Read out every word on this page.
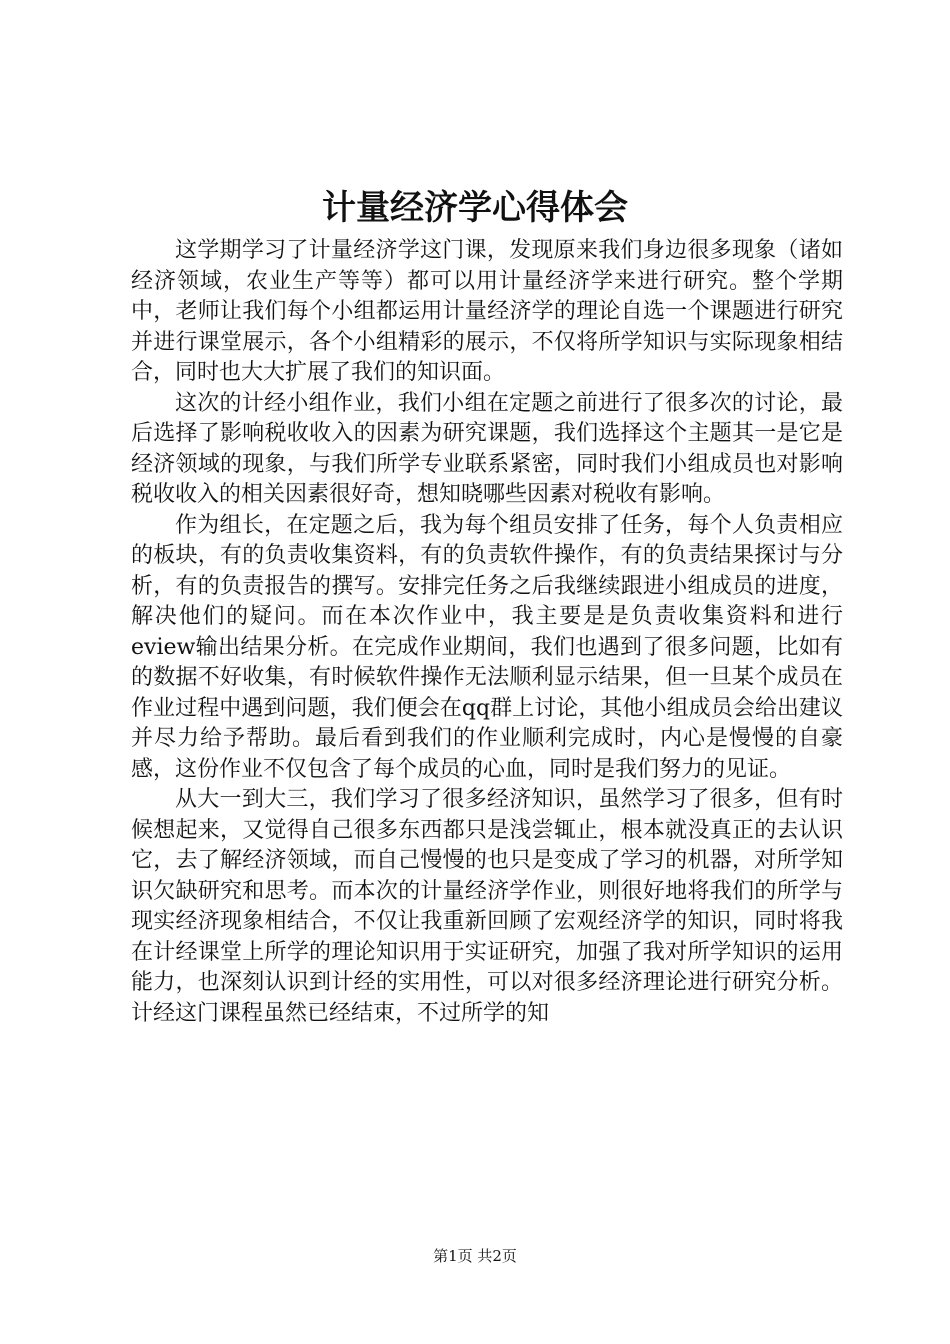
计量经济学心得体会

这学期学习了计量经济学这门课，发现原来我们身边很多现象（诸如经济领域，农业生产等等）都可以用计量经济学来进行研究。整个学期中，老师让我们每个小组都运用计量经济学的理论自选一个课题进行研究并进行课堂展示，各个小组精彩的展示，不仅将所学知识与实际现象相结合，同时也大大扩展了我们的知识面。

这次的计经小组作业，我们小组在定题之前进行了很多次的讨论，最后选择了影响税收收入的因素为研究课题，我们选择这个主题其一是它是经济领域的现象，与我们所学专业联系紧密，同时我们小组成员也对影响税收收入的相关因素很好奇，想知晓哪些因素对税收有影响。

作为组长，在定题之后，我为每个组员安排了任务，每个人负责相应的板块，有的负责收集资料，有的负责软件操作，有的负责结果探讨与分析，有的负责报告的撰写。安排完任务之后我继续跟进小组成员的进度，解决他们的疑问。而在本次作业中，我主要是是负责收集资料和进行eview输出结果分析。在完成作业期间，我们也遇到了很多问题，比如有的数据不好收集，有时候软件操作无法顺利显示结果，但一旦某个成员在作业过程中遇到问题，我们便会在qq群上讨论，其他小组成员会给出建议并尽力给予帮助。最后看到我们的作业顺利完成时，内心是慢慢的自豪感，这份作业不仅包含了每个成员的心血，同时是我们努力的见证。

从大一到大三，我们学习了很多经济知识，虽然学习了很多，但有时候想起来，又觉得自己很多东西都只是浅尝辄止，根本就没真正的去认识它，去了解经济领域，而自己慢慢的也只是变成了学习的机器，对所学知识欠缺研究和思考。而本次的计量经济学作业，则很好地将我们的所学与现实经济现象相结合，不仅让我重新回顾了宏观经济学的知识，同时将我在计经课堂上所学的理论知识用于实证研究，加强了我对所学知识的运用能力，也深刻认识到计经的实用性，可以对很多经济理论进行研究分析。计经这门课程虽然已经结束，不过所学的知

第1页 共2页
